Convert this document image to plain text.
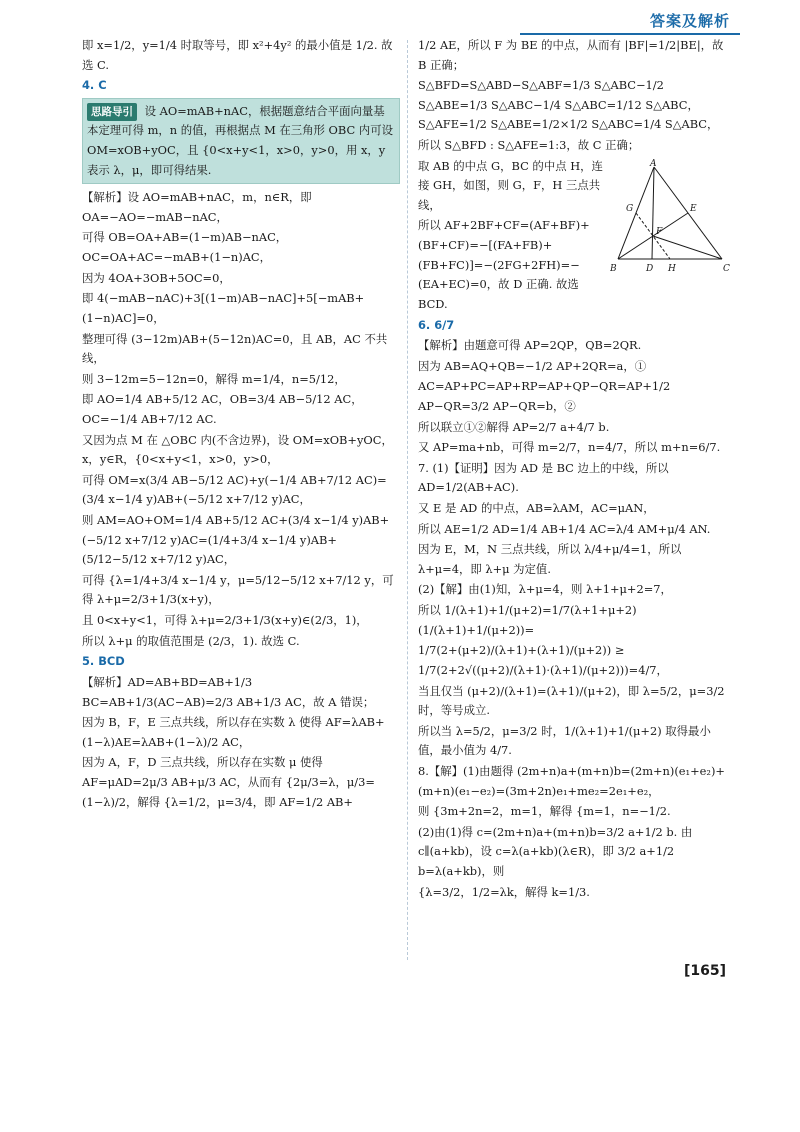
答案及解析
即 x=1/2，y=1/4 时取等号，即 x²+4y² 的最小值是 1/2. 故选 C.
4. C
思路导引 设 AO=mAB+nAC，根据题意结合平面向量基本定理可得 m，n 的值，再根据点 M 在三角形 OBC 内可设 OM=xOB+yOC，且 {0<x+y<1，x>0，y>0，用 x，y 表示 λ，μ，即可得结果.
【解析】设 AO=mAB+nAC，m，n∈R，即 OA=−AO=−mAB−nAC，
可得 OB=OA+AB=(1−m)AB−nAC，OC=OA+AC=−mAB+(1−n)AC，
因为 4OA+3OB+5OC=0，
即 4(−mAB−nAC)+3[(1−m)AB−nAC]+5[−mAB+(1−n)AC]=0，
整理可得 (3−12m)AB+(5−12n)AC=0，且 AB，AC 不共线，
则 3−12m=5−12n=0，解得 m=1/4，n=5/12，
即 AO=1/4 AB+5/12 AC，OB=3/4 AB−5/12 AC，OC=−1/4 AB+7/12 AC.
又因为点 M 在 △OBC 内(不含边界)，设 OM=xOB+yOC，x，y∈R，{0<x+y<1，x>0，y>0，
可得 OM=x(3/4 AB−5/12 AC)+y(−1/4 AB+7/12 AC)=(3/4 x−1/4 y)AB+(−5/12 x+7/12 y)AC，
则 AM=AO+OM=1/4 AB+5/12 AC+(3/4 x−1/4 y)AB+(−5/12 x+7/12 y)AC=(1/4+3/4 x−1/4 y)AB+(5/12−5/12 x+7/12 y)AC，
可得 {λ=1/4+3/4 x−1/4 y，μ=5/12−5/12 x+7/12 y，可得 λ+μ=2/3+1/3(x+y)，
且 0<x+y<1，可得 λ+μ=2/3+1/3(x+y)∈(2/3，1)，
所以 λ+μ 的取值范围是 (2/3，1). 故选 C.
5. BCD
【解析】AD=AB+BD=AB+1/3 BC=AB+1/3(AC−AB)=2/3 AB+1/3 AC，故 A 错误；
因为 B，F，E 三点共线，所以存在实数 λ 使得 AF=λAB+(1−λ)AE=λAB+(1−λ)/2 AC，
因为 A，F，D 三点共线，所以存在实数 μ 使得 AF=μAD=2μ/3 AB+μ/3 AC，从而有 {2μ/3=λ，μ/3=(1−λ)/2，解得 {λ=1/2，μ=3/4，即 AF=1/2 AB+
1/2 AE，所以 F 为 BE 的中点，从而有 |BF|=1/2|BE|，故 B 正确；
S△BFD=S△ABD−S△ABF=1/3 S△ABC−1/2 S△ABE=1/3 S△ABC−1/4 S△ABC=1/12 S△ABC，S△AFE=1/2 S△ABE=1/2×1/2 S△ABC=1/4 S△ABC，
所以 S△BFD : S△AFE=1:3，故 C 正确；
A
B	C
D
E
F
G
H
取 AB 的中点 G，BC 的中点 H，连接 GH，如图，则 G，F，H 三点共线，
所以 AF+2BF+CF=(AF+BF)+(BF+CF)=−[(FA+FB)+(FB+FC)]=−(2FG+2FH)=−(EA+EC)=0，故 D 正确. 故选 BCD.
6. 6/7
【解析】由题意可得 AP=2QP，QB=2QR.
因为 AB=AQ+QB=−1/2 AP+2QR=a，①
AC=AP+PC=AP+RP=AP+QP−QR=AP+1/2 AP−QR=3/2 AP−QR=b，②
所以联立①②解得 AP=2/7 a+4/7 b.
又 AP=ma+nb，可得 m=2/7，n=4/7，所以 m+n=6/7.
7. (1)【证明】因为 AD 是 BC 边上的中线，所以 AD=1/2(AB+AC).
又 E 是 AD 的中点，AB=λAM，AC=μAN，
所以 AE=1/2 AD=1/4 AB+1/4 AC=λ/4 AM+μ/4 AN.
因为 E，M，N 三点共线，所以 λ/4+μ/4=1，所以 λ+μ=4，即 λ+μ 为定值.
(2)【解】由(1)知，λ+μ=4，则 λ+1+μ+2=7，
所以 1/(λ+1)+1/(μ+2)=1/7(λ+1+μ+2)(1/(λ+1)+1/(μ+2))=
1/7(2+(μ+2)/(λ+1)+(λ+1)/(μ+2)) ≥ 1/7(2+2√((μ+2)/(λ+1)·(λ+1)/(μ+2)))=4/7，
当且仅当 (μ+2)/(λ+1)=(λ+1)/(μ+2)，即 λ=5/2，μ=3/2 时，等号成立.
所以当 λ=5/2，μ=3/2 时，1/(λ+1)+1/(μ+2) 取得最小值，最小值为 4/7.
8.【解】(1)由题得 (2m+n)a+(m+n)b=(2m+n)(e₁+e₂)+(m+n)(e₁−e₂)=(3m+2n)e₁+me₂=2e₁+e₂，
则 {3m+2n=2，m=1，解得 {m=1，n=−1/2.
(2)由(1)得 c=(2m+n)a+(m+n)b=3/2 a+1/2 b. 由 c∥(a+kb)，设 c=λ(a+kb)(λ∈R)，即 3/2 a+1/2 b=λ(a+kb)，则
{λ=3/2，1/2=λk，解得 k=1/3.
[165]
